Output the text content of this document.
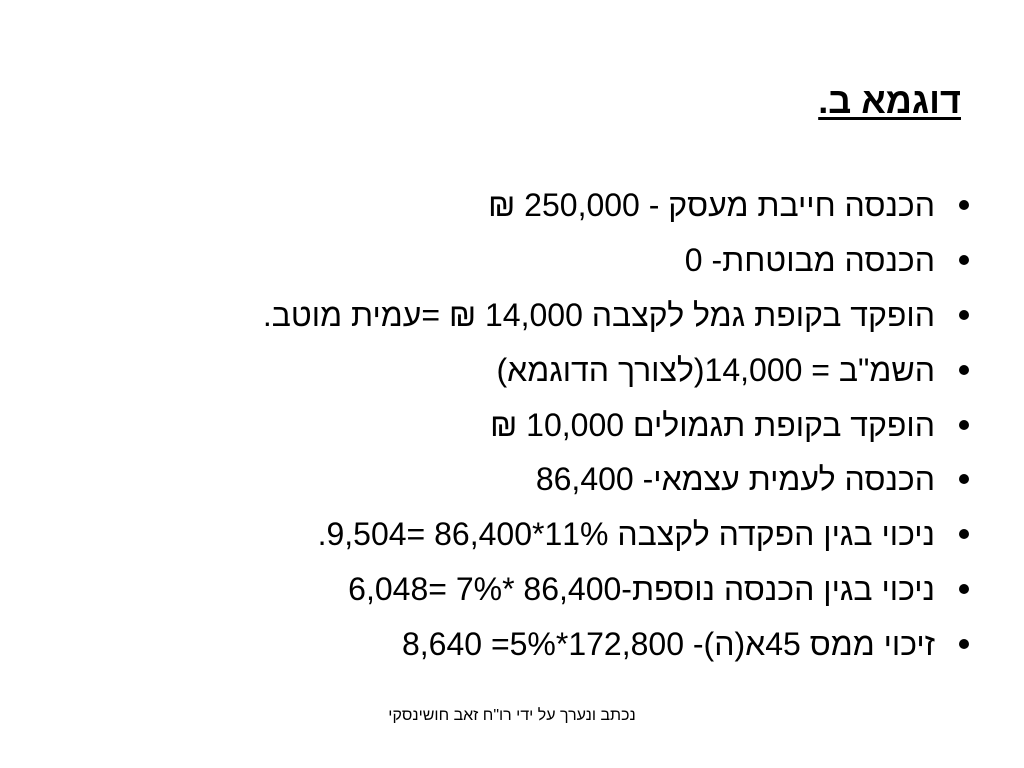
דוגמא ב.
הכנסה חייבת מעסק - 250,000 ₪
הכנסה מבוטחת- 0
הופקד בקופת גמל לקצבה 14,000 ₪ =עמית מוטב.
השמ"ב = 14,000(לצורך הדוגמא)
הופקד בקופת תגמולים 10,000 ₪
הכנסה לעמית עצמאי- 86,400
ניכוי בגין הפקדה לקצבה 11%*86,400 =9,504.
ניכוי בגין הכנסה נוספת-86,400 *7% =6,048
זיכוי ממס 45א(ה)- 172,800*5%= 8,640
נכתב ונערך על ידי רו"ח זאב חושינסקי
